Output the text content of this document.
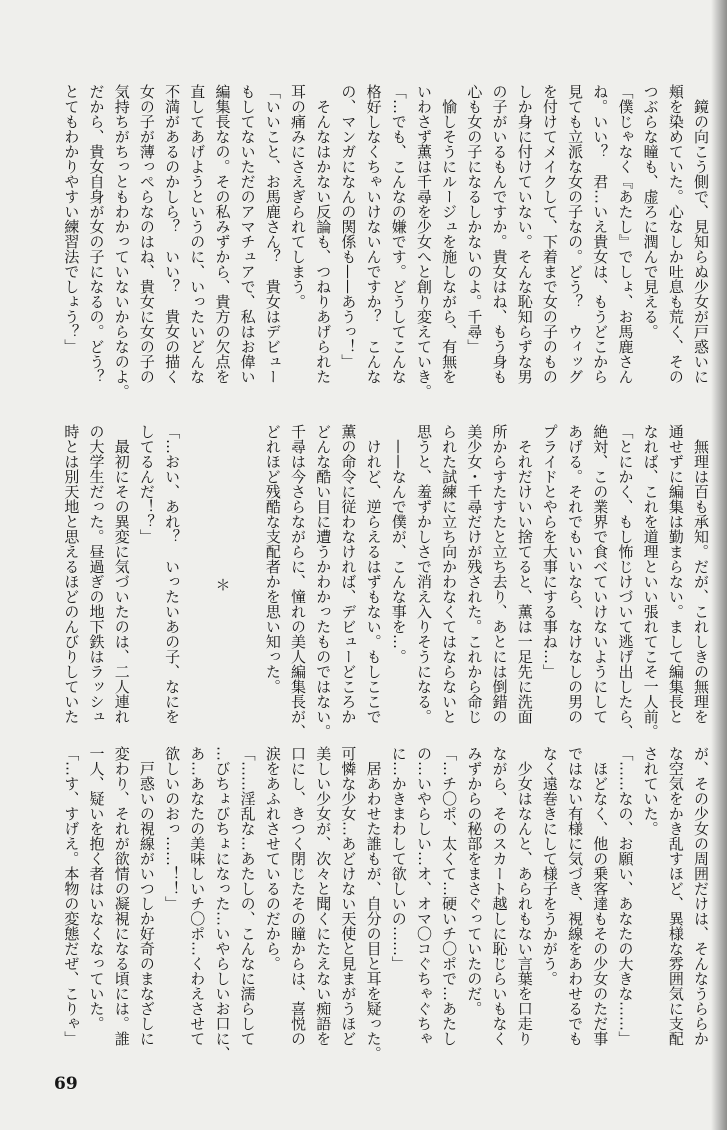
　鏡の向こう側で、見知らぬ少女が戸惑いに
頬を染めていた。心なしか吐息も荒く、その
つぶらな瞳も、虚ろに潤んで見える。
「僕じゃなく『あたし』でしょ、お馬鹿さん
ね。いい？　君…いえ貴女は、もうどこから
見ても立派な女の子なの。どう？　ウィッグ
を付けてメイクして、下着まで女の子のもの
しか身に付けていない。そんな恥知らずな男
の子がいるもんですか。貴女はね、もう身も
心も女の子になるしかないのよ。千尋」
　愉しそうにルージュを施しながら、有無を
いわさず薫は千尋を少女へと創り変えていき。
「…でも、こんなの嫌です。どうしてこんな
格好しなくちゃいけないんですか？　こんな
の、マンガになんの関係も——あうっ！」
　そんなはかない反論も、つねりあげられた
耳の痛みにさえぎられてしまう。
「いいこと、お馬鹿さん？　貴女はデビュー
もしてないただのアマチュアで、私はお偉い
編集長なの。その私みずから、貴方の欠点を
直してあげようというのに、いったいどんな
不満があるのかしら？　いい？　貴女の描く
女の子が薄っぺらなのはね、貴女に女の子の
気持ちがちっともわかっていないからなのよ。
だから、貴女自身が女の子になるの。どう？
とてもわかりやすい練習法でしょう？」
　無理は百も承知。だが、これしきの無理を
通せずに編集は勤まらない。まして編集長と
なれば、これを道理といい張れてこそ一人前。
「とにかく、もし怖じけづいて逃げ出したら、
絶対、この業界で食べていけないようにして
あげる。それでもいいなら、なけなしの男の
プライドとやらを大事にする事ね…」
　それだけいい捨てると、薫は一足先に洗面
所からすたすたと立ち去り、あとには倒錯の
美少女・千尋だけが残された。これから命じ
られた試練に立ち向かわなくてはならないと
思うと、羞ずかしさで消え入りそうになる。
　——なんで僕が、こんな事を…。
　けれど、逆らえるはずもない。もしここで
薫の命令に従わなければ、デビューどころか
どんな酷い目に遭うかわかったものではない。
千尋は今さらながらに、憧れの美人編集長が、
どれほど残酷な支配者かを思い知った。
＊
「…おい、あれ？　いったいあの子、なにを
してるんだ！？」
　最初にその異変に気づいたのは、二人連れ
の大学生だった。昼過ぎの地下鉄はラッシュ
時とは別天地と思えるほどのんびりしていた
が、その少女の周囲だけは、そんなうららか
な空気をかき乱すほど、異様な雰囲気に支配
されていた。
「……なの、お願い、あなたの大きな……」
　ほどなく、他の乗客達もその少女のただ事
ではない有様に気づき、視線をあわせるでも
なく遠巻きにして様子をうかがう。
　少女はなんと、あられもない言葉を口走り
ながら、そのスカート越しに恥じらいもなく
みずからの秘部をまさぐっていたのだ。
「…チ〇ポ、太くて…硬いチ〇ポで…あたし
の…いやらしい…オ、オマ〇コぐちゃぐちゃ
に…かきまわして欲しいの……」
　居あわせた誰もが、自分の目と耳を疑った。
可憐な少女…あどけない天使と見まがうほど
美しい少女が、次々と聞くにたえない痴語を
口にし、きつく閉じたその瞳からは、喜悦の
涙をあふれさせているのだから。
「……淫乱な…あたしの、こんなに濡らして
…びちょびちょになった…いやらしいお口に、
あ…あなたの美味しいチ〇ポ…くわえさせて
欲しいのおっ……！！」
　戸惑いの視線がいつしか好奇のまなざしに
変わり、それが欲情の凝視になる頃には。誰
一人、疑いを抱く者はいなくなっていた。
「…す、すげえ。本物の変態だぜ、こりゃ」
69
